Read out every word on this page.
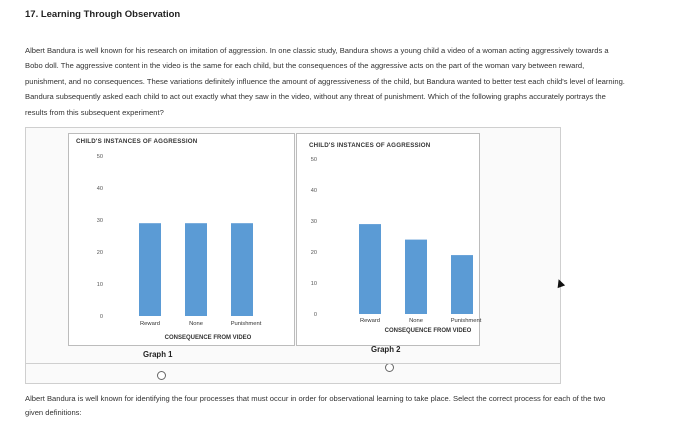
17. Learning Through Observation
Albert Bandura is well known for his research on imitation of aggression. In one classic study, Bandura shows a young child a video of a woman acting aggressively towards a Bobo doll. The aggressive content in the video is the same for each child, but the consequences of the aggressive acts on the part of the woman vary between reward, punishment, and no consequences. These variations definitely influence the amount of aggressiveness of the child, but Bandura wanted to better test each child's level of learning. Bandura subsequently asked each child to act out exactly what they saw in the video, without any threat of punishment. Which of the following graphs accurately portrays the results from this subsequent experiment?
CHILD'S INSTANCES OF AGGRESSION
0
10
20
30
40
50
Reward	None	Punishment
CONSEQUENCE FROM VIDEO
CHILD'S INSTANCES OF AGGRESSION
0
10
20
30
40
50
Reward	None	Punishment
CONSEQUENCE FROM VIDEO
Graph 1
Graph 2
Albert Bandura is well known for identifying the four processes that must occur in order for observational learning to take place. Select the correct process for each of the two given definitions:
